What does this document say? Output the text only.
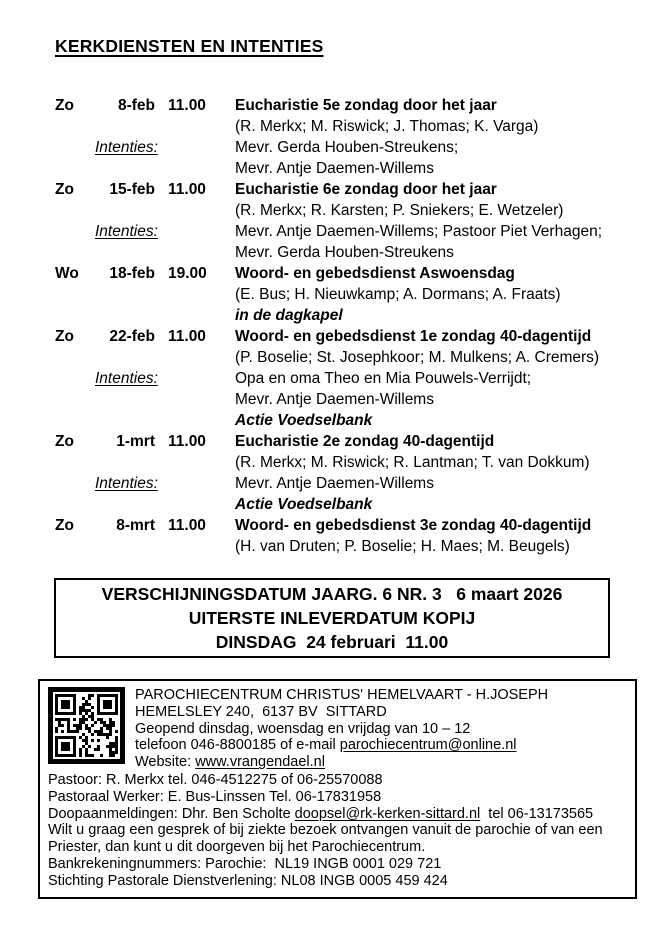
KERKDIENSTEN EN INTENTIES
Zo	8-feb 11.00	Eucharistie 5e zondag door het jaar
(R. Merkx; M. Riswick; J. Thomas; K. Varga)
Intenties:	Mevr. Gerda Houben-Streukens;
Mevr. Antje Daemen-Willems
Zo	15-feb 11.00	Eucharistie 6e zondag door het jaar
(R. Merkx; R. Karsten; P. Sniekers; E. Wetzeler)
Intenties:	Mevr. Antje Daemen-Willems; Pastoor Piet Verhagen;
Mevr. Gerda Houben-Streukens
Wo	18-feb 19.00	Woord- en gebedsdienst Aswoensdag
(E. Bus; H. Nieuwkamp; A. Dormans; A. Fraats)
in de dagkapel
Zo	22-feb 11.00	Woord- en gebedsdienst 1e zondag 40-dagentijd
(P. Boselie; St. Josephkoor; M. Mulkens; A. Cremers)
Intenties:	Opa en oma Theo en Mia Pouwels-Verrijdt;
Mevr. Antje Daemen-Willems
Actie Voedselbank
Zo	1-mrt 11.00	Eucharistie 2e zondag 40-dagentijd
(R. Merkx; M. Riswick; R. Lantman; T. van Dokkum)
Intenties:	Mevr. Antje Daemen-Willems
Actie Voedselbank
Zo	8-mrt 11.00	Woord- en gebedsdienst 3e zondag 40-dagentijd
(H. van Druten; P. Boselie; H. Maes; M. Beugels)
VERSCHIJNINGSDATUM JAARG. 6 NR. 3   6 maart 2026
UITERSTE INLEVERDATUM KOPIJ
DINSDAG  24 februari  11.00
PAROCHIECENTRUM CHRISTUS' HEMELVAART - H.JOSEPH
HEMELSLEY 240,  6137 BV  SITTARD
Geopend dinsdag, woensdag en vrijdag van 10 – 12
telefoon 046-8800185 of e-mail parochiecentrum@online.nl
Website: www.vrangendael.nl
Pastoor: R. Merkx tel. 046-4512275 of 06-25570088
Pastoraal Werker: E. Bus-Linssen Tel. 06-17831958
Doopaanmeldingen: Dhr. Ben Scholte doopsel@rk-kerken-sittard.nl  tel 06-13173565
Wilt u graag een gesprek of bij ziekte bezoek ontvangen vanuit de parochie of van een
Priester, dan kunt u dit doorgeven bij het Parochiecentrum.
Bankrekeningnummers: Parochie:  NL19 INGB 0001 029 721
Stichting Pastorale Dienstverlening: NL08 INGB 0005 459 424
